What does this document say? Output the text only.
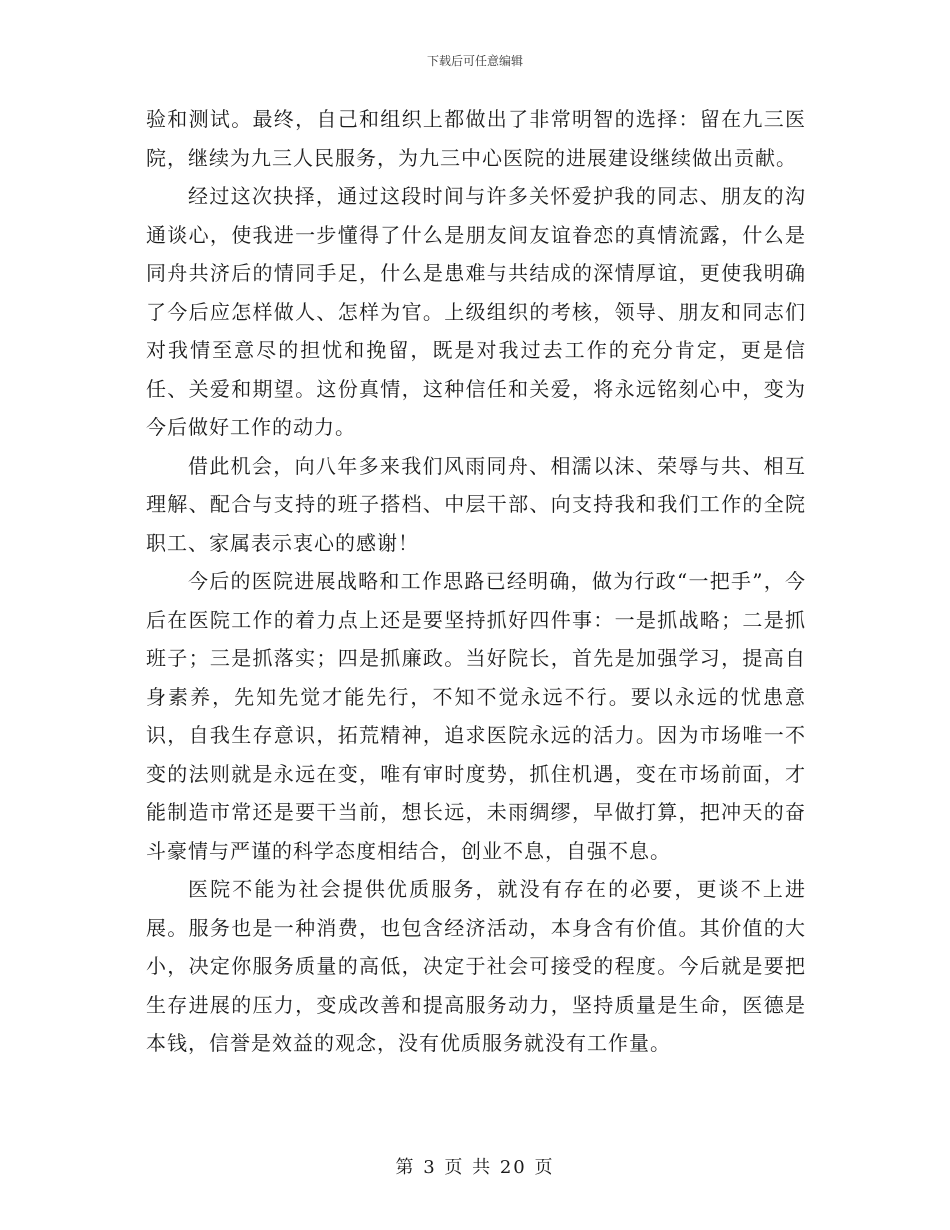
下载后可任意编辑

验和测试。最终，自己和组织上都做出了非常明智的选择：留在九三医院，继续为九三人民服务，为九三中心医院的进展建设继续做出贡献。

经过这次抉择，通过这段时间与许多关怀爱护我的同志、朋友的沟通谈心，使我进一步懂得了什么是朋友间友谊眷恋的真情流露，什么是同舟共济后的情同手足，什么是患难与共结成的深情厚谊，更使我明确了今后应怎样做人、怎样为官。上级组织的考核，领导、朋友和同志们对我情至意尽的担忧和挽留，既是对我过去工作的充分肯定，更是信任、关爱和期望。这份真情，这种信任和关爱，将永远铭刻心中，变为今后做好工作的动力。

借此机会，向八年多来我们风雨同舟、相濡以沫、荣辱与共、相互理解、配合与支持的班子搭档、中层干部、向支持我和我们工作的全院职工、家属表示衷心的感谢！

今后的医院进展战略和工作思路已经明确，做为行政“一把手”，今后在医院工作的着力点上还是要坚持抓好四件事：一是抓战略；二是抓班子；三是抓落实；四是抓廉政。当好院长，首先是加强学习，提高自身素养，先知先觉才能先行，不知不觉永远不行。要以永远的忧患意识，自我生存意识，拓荒精神，追求医院永远的活力。因为市场唯一不变的法则就是永远在变，唯有审时度势，抓住机遇，变在市场前面，才能制造市常还是要干当前，想长远，未雨绸缪，早做打算，把冲天的奋斗豪情与严谨的科学态度相结合，创业不息，自强不息。

医院不能为社会提供优质服务，就没有存在的必要，更谈不上进展。服务也是一种消费，也包含经济活动，本身含有价值。其价值的大小，决定你服务质量的高低，决定于社会可接受的程度。今后就是要把生存进展的压力，变成改善和提高服务动力，坚持质量是生命，医德是本钱，信誉是效益的观念，没有优质服务就没有工作量。

第 3 页 共 20 页
